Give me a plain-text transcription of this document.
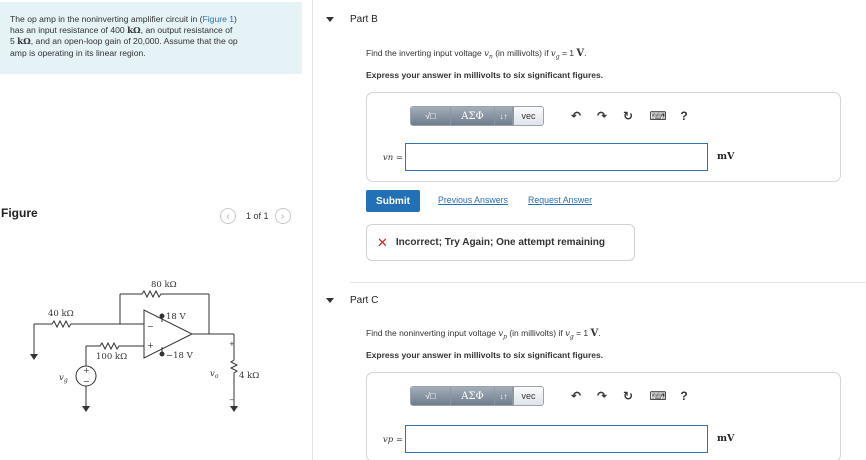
The op amp in the noninverting amplifier circuit in (Figure 1)
has an input resistance of 400 kΩ, an output resistance of
5 kΩ, and an open-loop gain of 20,000. Assume that the op
amp is operating in its linear region.
Figure	‹	1 of 1	›
80 kΩ
40 kΩ
−
+
18 V
−18 V
100 kΩ
+
−
$v_g$	4 kΩ
+
−
$v_o$
Part B
Find the inverting input voltage $v_n$ (in millivolts) if $v_g = 1$ V.
Express your answer in millivolts to six significant figures.
√□	ΑΣΦ	↓↑	vec	↶ ↷ ↻ ⌨	?
vn =	mV
Submit	Previous Answers Request Answer
✕ Incorrect; Try Again; One attempt remaining
Part C
Find the noninverting input voltage $v_p$ (in millivolts) if $v_g = 1$ V.
Express your answer in millivolts to six significant figures.
√□	ΑΣΦ	↓↑	vec	↶ ↷ ↻ ⌨	?
vp =	mV
